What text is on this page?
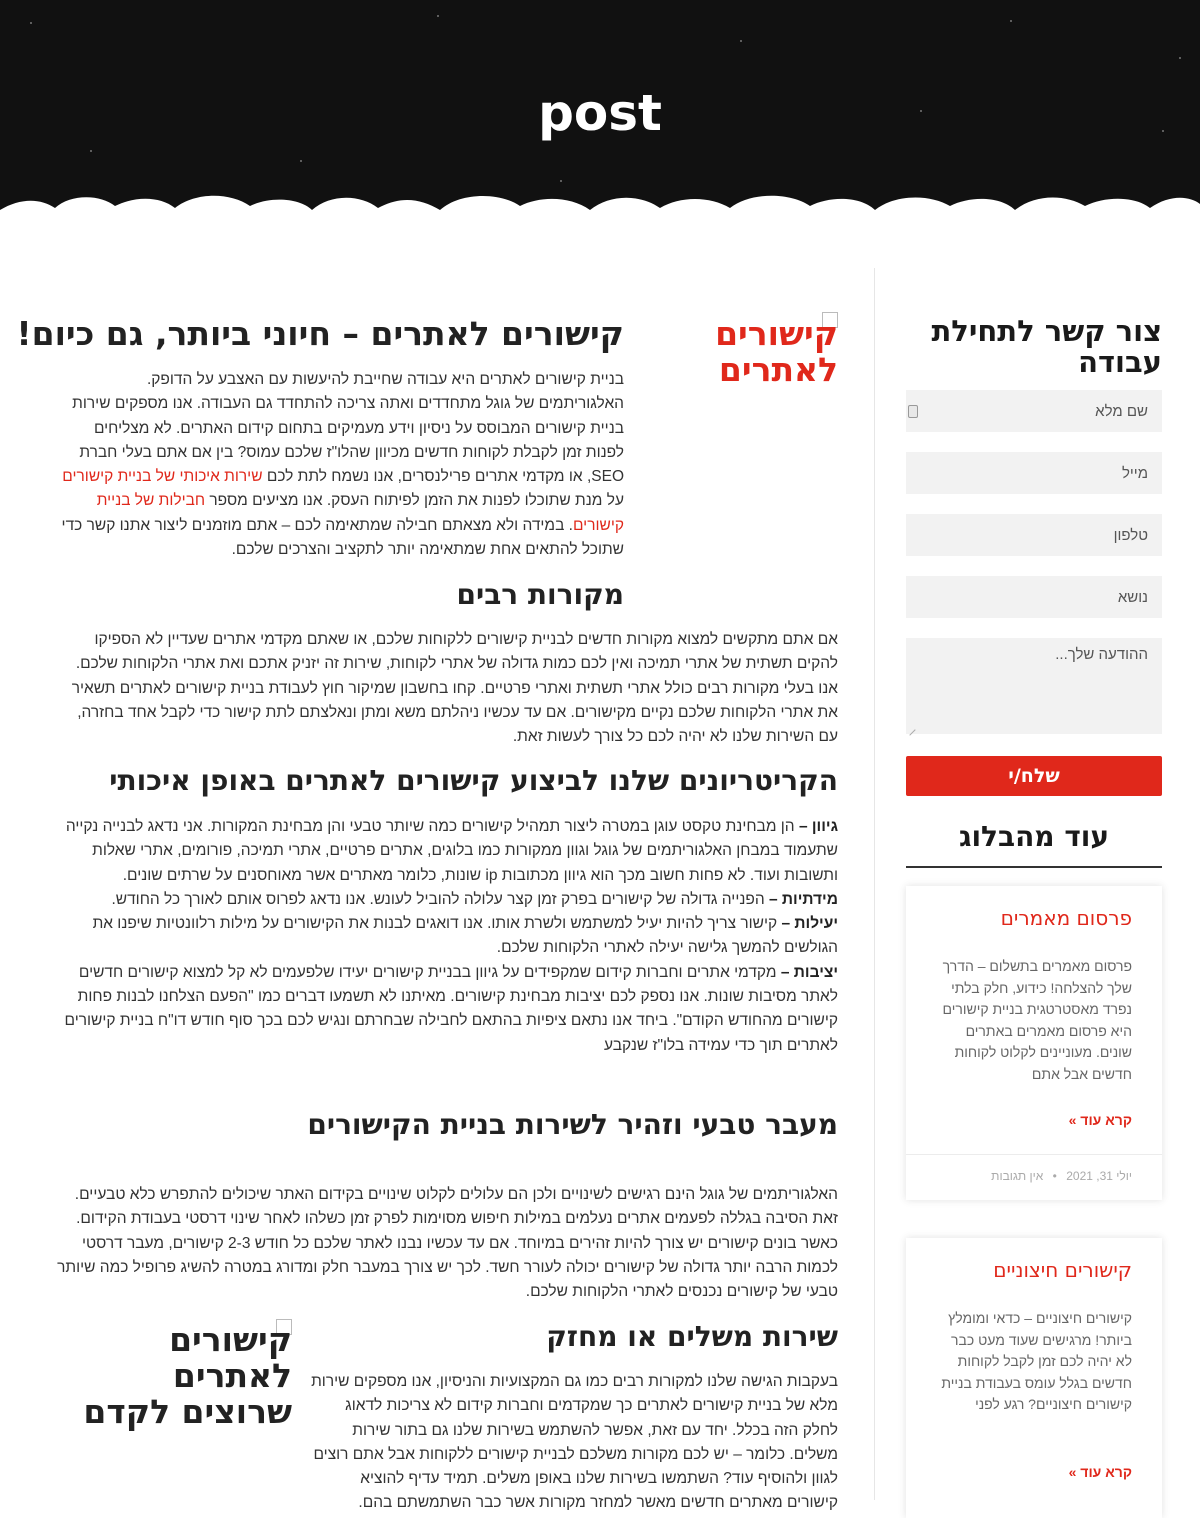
post
צור קשר לתחילת עבודה
שם מלא
מייל
טלפון
נושא
ההודעה שלך...
שלח/י
עוד מהבלוג
פרסום מאמרים

פרסום מאמרים בתשלום – הדרך שלך להצלחה! כידוע, חלק בלתי נפרד מאסטרטגית בניית קישורים היא פרסום מאמרים באתרים שונים. מעוניינים לקלוט לקוחות חדשים אבל אתם

קרא עוד »
יולי 31, 2021 • אין תגובות
קישורים חיצוניים

קישורים חיצוניים – כדאי ומומלץ ביותר! מרגישים שעוד מעט כבר לא יהיה לכם זמן לקבל לקוחות חדשים בגלל עומס בעבודת בניית קישורים חיצוניים? רגע לפני

קרא עוד »
קישורים לאתרים
קישורים לאתרים – חיוני ביותר, גם כיום!

בניית קישורים לאתרים היא עבודה שחייבת להיעשות עם האצבע על הדופק. האלגוריתמים של גוגל מתחדדים ואתה צריכה להתחדד גם העבודה. אנו מספקים שירות בניית קישורים המבוסס על ניסיון וידע מעמיקים בתחום קידום האתרים. לא מצליחים לפנות זמן לקבלת לקוחות חדשים מכיוון שהלו"ז שלכם עמוס? בין אם אתם בעלי חברת SEO, או מקדמי אתרים פרילנסרים, אנו נשמח לתת לכם שירות איכותי של בניית קישורים על מנת שתוכלו לפנות את הזמן לפיתוח העסק. אנו מציעים מספר חבילות של בניית קישורים. במידה ולא מצאתם חבילה שמתאימה לכם – אתם מוזמנים ליצור אתנו קשר כדי שתוכל להתאים אחת שמתאימה יותר לתקציב והצרכים שלכם.

מקורות רבים

אם אתם מתקשים למצוא מקורות חדשים לבניית קישורים ללקוחות שלכם, או שאתם מקדמי אתרים שעדיין לא הספיקו להקים תשתית של אתרי תמיכה ואין לכם כמות גדולה של אתרי לקוחות, שירות זה יזניק אתכם ואת אתרי הלקוחות שלכם. אנו בעלי מקורות רבים כולל אתרי תשתית ואתרי פרטיים. קחו בחשבון שמיקור חוץ לעבודת בניית קישורים לאתרים תשאיר את אתרי הלקוחות שלכם נקיים מקישורים. אם עד עכשיו ניהלתם משא ומתן ונאלצתם לתת קישור כדי לקבל אחד בחזרה, עם השירות שלנו לא יהיה לכם כל צורך לעשות זאת.

הקריטריונים שלנו לביצוע קישורים לאתרים באופן איכותי
גיוון – הן מבחינת טקסט עוגן במטרה ליצור תמהיל קישורים כמה שיותר טבעי והן מבחינת המקורות. אני נדאג לבנייה נקייה שתעמוד במבחן האלגוריתמים של גוגל וגוון ממקורות כמו בלוגים, אתרים פרטיים, אתרי תמיכה, פורומים, אתרי שאלות ותשובות ועוד. לא פחות חשוב מכך הוא גיוון מכתובות ip שונות, כלומר מאתרים אשר מאוחסנים על שרתים שונים.
מידתיות – הפנייה גדולה של קישורים בפרק זמן קצר עלולה להוביל לעונש. אנו נדאג לפרוס אותם לאורך כל החודש.
יעילות – קישור צריך להיות יעיל למשתמש ולשרת אותו. אנו דואגים לבנות את הקישורים על מילות רלוונטיות שיפנו את הגולשים להמשך גלישה יעילה לאתרי הלקוחות שלכם.
יציבות – מקדמי אתרים וחברות קידום שמקפידים על גיוון בבניית קישורים יעידו שלפעמים לא קל למצוא קישורים חדשים לאתר מסיבות שונות. אנו נספק לכם יציבות מבחינת קישורים. מאיתנו לא תשמעו דברים כמו "הפעם הצלחנו לבנות פחות קישורים מהחודש הקודם". ביחד אנו נתאם ציפיות בהתאם לחבילה שבחרתם ונגיש לכם בכך סוף חודש דו"ח בניית קישורים לאתרים תוך כדי עמידה בלו"ז שנקבע
מעבר טבעי וזהיר לשירות בניית הקישורים

האלגוריתמים של גוגל הינם רגישים לשינויים ולכן הם עלולים לקלוט שינויים בקידום האתר שיכולים להתפרש כלא טבעיים. זאת הסיבה בגללה לפעמים אתרים נעלמים במילות חיפוש מסוימות לפרק זמן כשלהו לאחר שינוי דרסטי בעבודת הקידום. כאשר בונים קישורים יש צורך להיות זהירים במיוחד. אם עד עכשיו נבנו לאתר שלכם כל חודש 2-3 קישורים, מעבר דרסטי לכמות הרבה יותר גדולה של קישורים יכולה לעורר חשד. לכך יש צורך במעבר חלק ומדורג במטרה להשיג פרופיל כמה שיותר טבעי של קישורים נכנסים לאתרי הלקוחות שלכם.

קישורים לאתרים שרוצים לקדם
שירות משלים או מחזק

בעקבות הגישה שלנו למקורות רבים כמו גם המקצועיות והניסיון, אנו מספקים שירות מלא של בניית קישורים לאתרים כך שמקדמים וחברות קידום לא צריכות לדאוג לחלק הזה בכלל. יחד עם זאת, אפשר להשתמש בשירות שלנו גם בתור שירות משלים. כלומר – יש לכם מקורות משלכם לבניית קישורים ללקוחות אבל אתם רוצים לגוון ולהוסיף עוד? השתמשו בשירות שלנו באופן משלים. תמיד עדיף להוציא קישורים מאתרים חדשים מאשר למחזר מקורות אשר כבר השתמשתם בהם.
